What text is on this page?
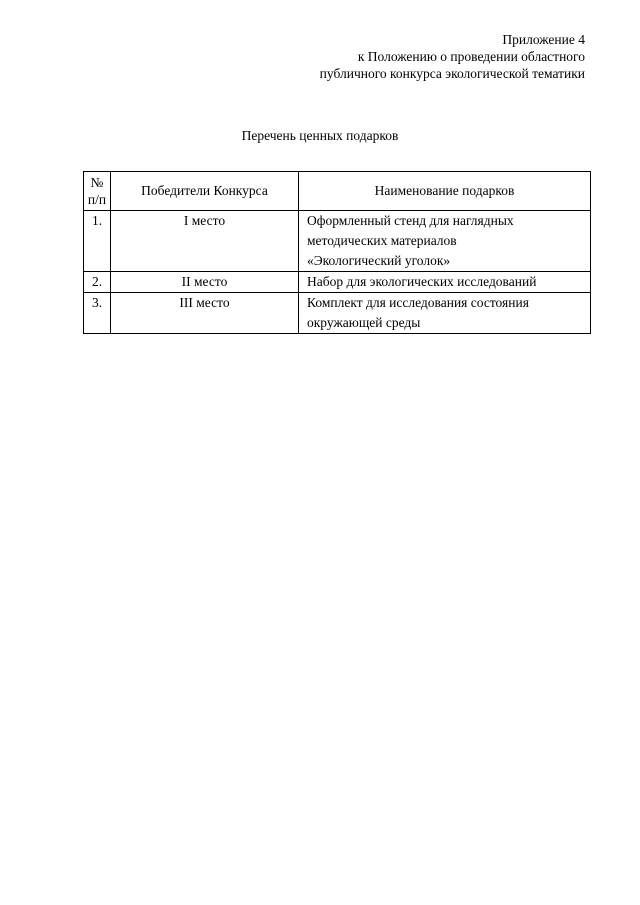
Приложение 4
к Положению о проведении областного
публичного конкурса экологической тематики
Перечень ценных подарков
№
п/п	Победители Конкурса	Наименование подарков
1.	I место	Оформленный стенд для наглядных
методических материалов
«Экологический уголок»

2.	II место	Набор для экологических исследований

3.	III место	Комплект для исследования состояния
окружающей среды
